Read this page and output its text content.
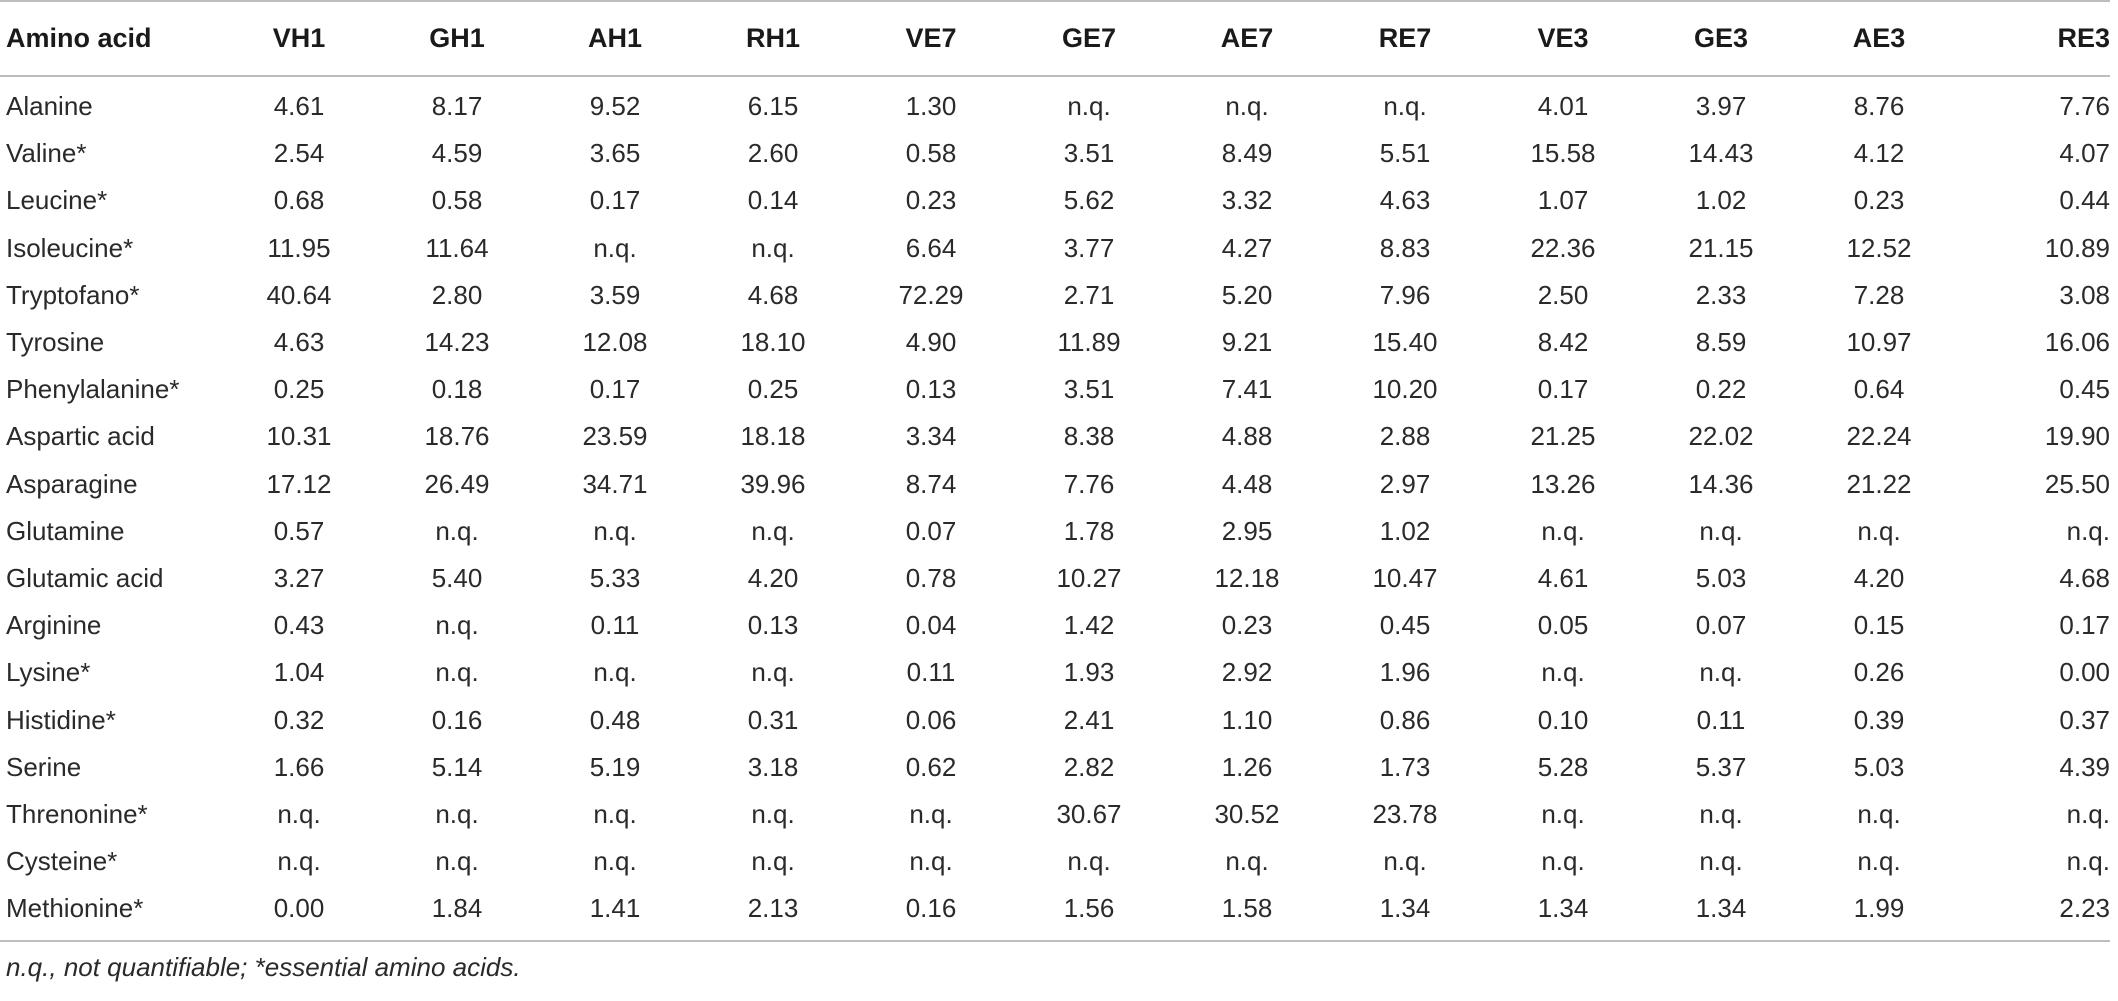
Amino acid	VH1	GH1	AH1	RH1	VE7	GE7	AE7	RE7	VE3	GE3	AE3	RE3
Alanine	4.61	8.17	9.52	6.15	1.30	n.q.	n.q.	n.q.	4.01	3.97	8.76	7.76
Valine*	2.54	4.59	3.65	2.60	0.58	3.51	8.49	5.51	15.58	14.43	4.12	4.07
Leucine*	0.68	0.58	0.17	0.14	0.23	5.62	3.32	4.63	1.07	1.02	0.23	0.44
Isoleucine*	11.95	11.64	n.q.	n.q.	6.64	3.77	4.27	8.83	22.36	21.15	12.52	10.89
Tryptofano*	40.64	2.80	3.59	4.68	72.29	2.71	5.20	7.96	2.50	2.33	7.28	3.08
Tyrosine	4.63	14.23	12.08	18.10	4.90	11.89	9.21	15.40	8.42	8.59	10.97	16.06
Phenylalanine*	0.25	0.18	0.17	0.25	0.13	3.51	7.41	10.20	0.17	0.22	0.64	0.45
Aspartic acid	10.31	18.76	23.59	18.18	3.34	8.38	4.88	2.88	21.25	22.02	22.24	19.90
Asparagine	17.12	26.49	34.71	39.96	8.74	7.76	4.48	2.97	13.26	14.36	21.22	25.50
Glutamine	0.57	n.q.	n.q.	n.q.	0.07	1.78	2.95	1.02	n.q.	n.q.	n.q.	n.q.
Glutamic acid	3.27	5.40	5.33	4.20	0.78	10.27	12.18	10.47	4.61	5.03	4.20	4.68
Arginine	0.43	n.q.	0.11	0.13	0.04	1.42	0.23	0.45	0.05	0.07	0.15	0.17
Lysine*	1.04	n.q.	n.q.	n.q.	0.11	1.93	2.92	1.96	n.q.	n.q.	0.26	0.00
Histidine*	0.32	0.16	0.48	0.31	0.06	2.41	1.10	0.86	0.10	0.11	0.39	0.37
Serine	1.66	5.14	5.19	3.18	0.62	2.82	1.26	1.73	5.28	5.37	5.03	4.39
Threnonine*	n.q.	n.q.	n.q.	n.q.	n.q.	30.67	30.52	23.78	n.q.	n.q.	n.q.	n.q.
Cysteine*	n.q.	n.q.	n.q.	n.q.	n.q.	n.q.	n.q.	n.q.	n.q.	n.q.	n.q.	n.q.
Methionine*	0.00	1.84	1.41	2.13	0.16	1.56	1.58	1.34	1.34	1.34	1.99	2.23
n.q., not quantifiable; *essential amino acids.
